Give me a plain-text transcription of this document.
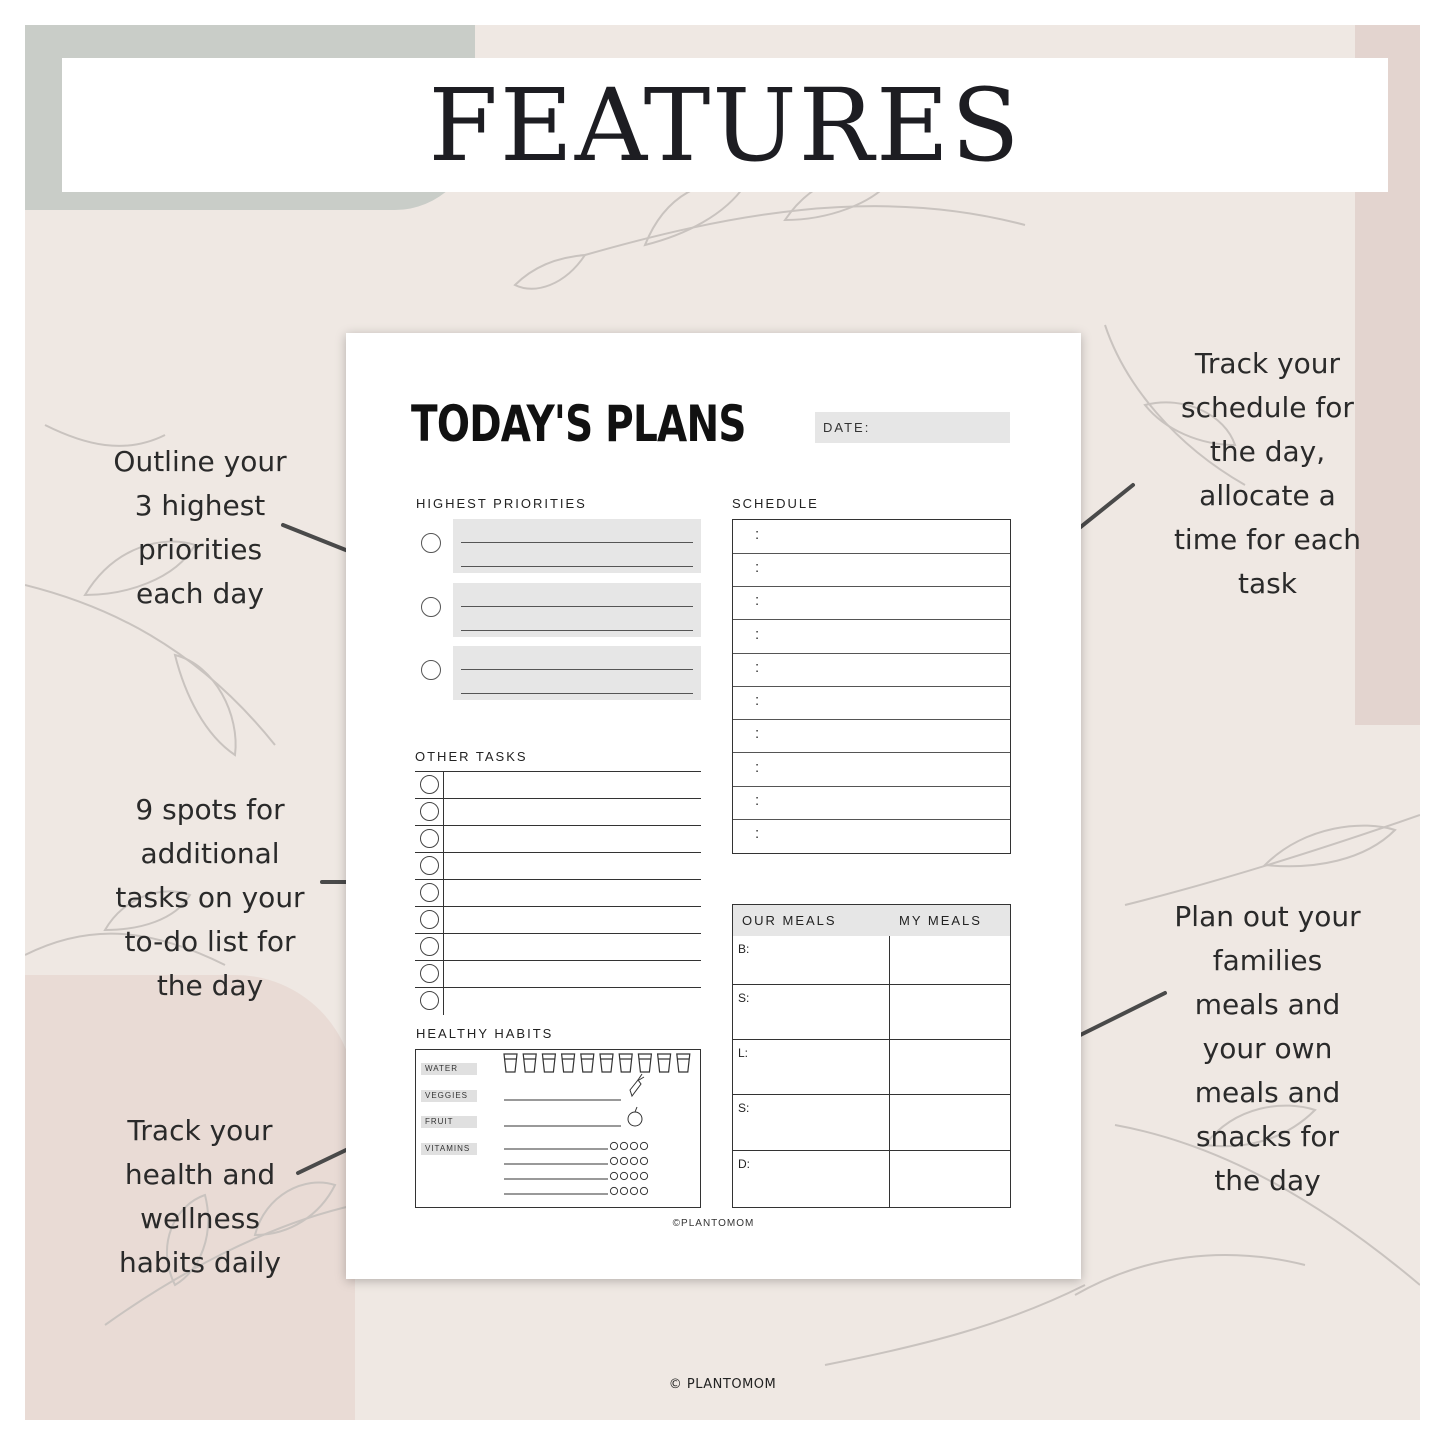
FEATURES
Outline your
3 highest
priorities
each day
Track your
schedule for
the day,
allocate a
time for each
task
9 spots for
additional
tasks on your
to-do list for
the day
Plan out your
families
meals and
your own
meals and
snacks for
the day
Track your
health and
wellness
habits daily
TODAY'S PLANS	DATE:
HIGHEST PRIORITIES	SCHEDULE
:
:
:
:
:
:
:
:
:
:
OTHER TASKS
HEALTHY HABITS
WATER
VEGGIES
FRUIT
VITAMINS
OUR MEALS	MY MEALS
B:
S:
L:
S:
D:
©PLANTOMOM
© PLANTOMOM
